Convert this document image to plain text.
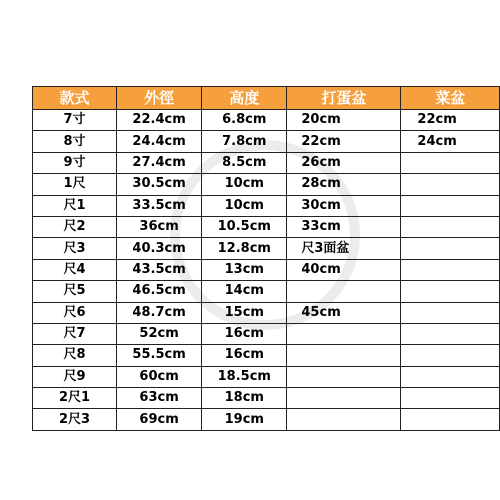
款式	外徑	高度	打蛋盆	菜盆
7寸	22.4cm	6.8cm	20cm	22cm
8寸	24.4cm	7.8cm	22cm	24cm
9寸	27.4cm	8.5cm	26cm	
1尺	30.5cm	10cm	28cm	
尺1	33.5cm	10cm	30cm	
尺2	36cm	10.5cm	33cm	
尺3	40.3cm	12.8cm	尺3面盆	
尺4	43.5cm	13cm	40cm	
尺5	46.5cm	14cm		
尺6	48.7cm	15cm	45cm	
尺7	52cm	16cm		
尺8	55.5cm	16cm		
尺9	60cm	18.5cm		
2尺1	63cm	18cm		
2尺3	69cm	19cm		
